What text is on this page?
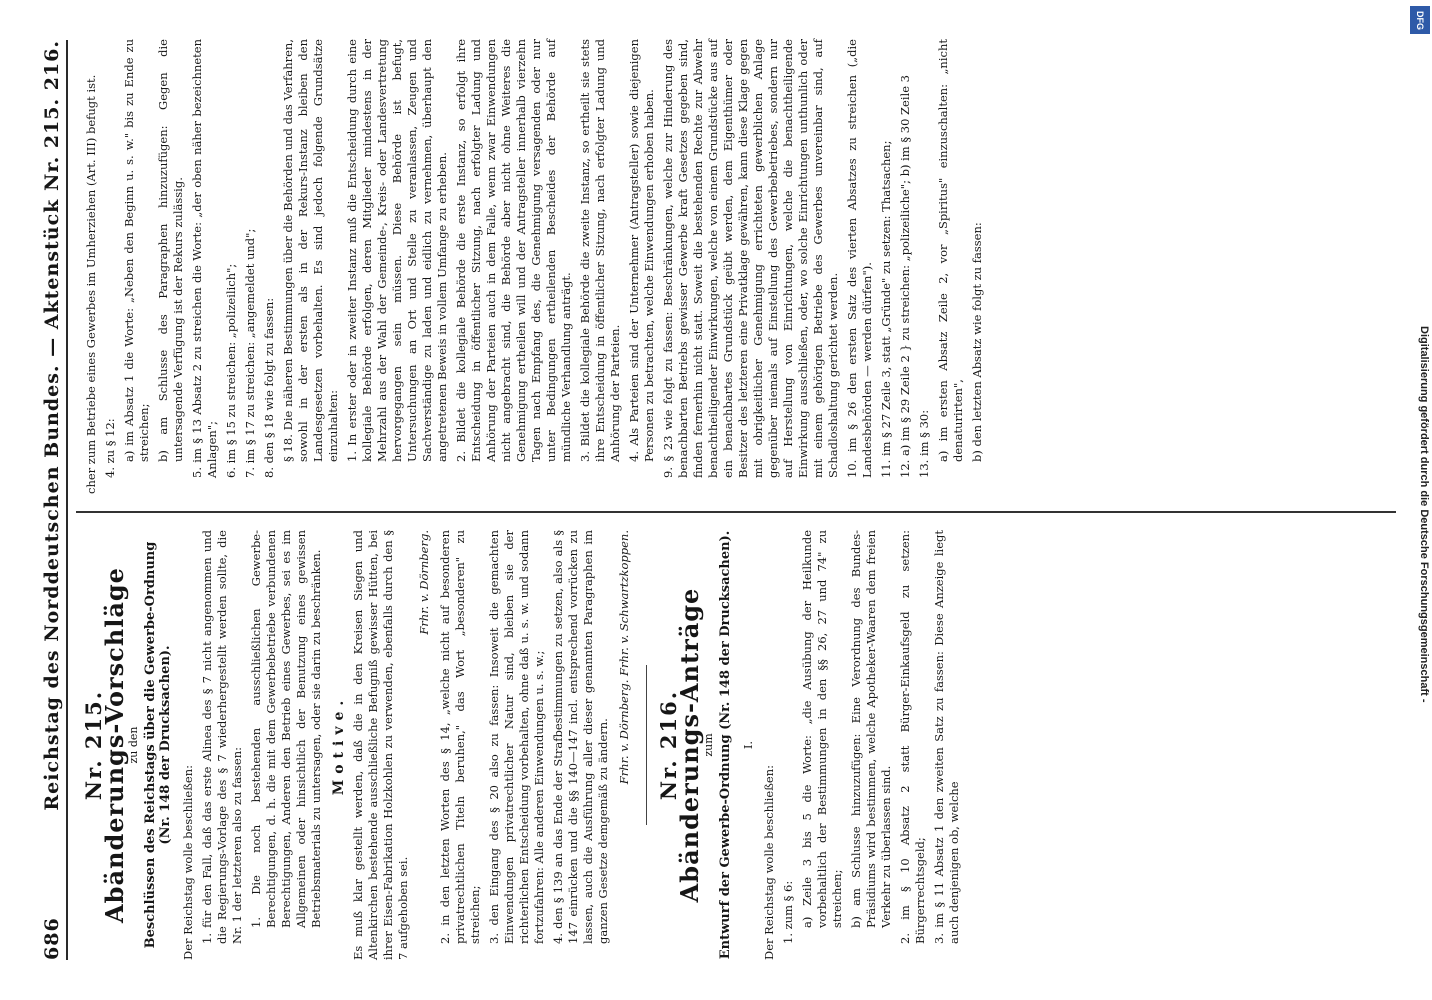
686
Reichstag des Norddeutschen Bundes. — Aktenstück Nr. 215. 216. Nr. 215.
Abänderungs-Vorschläge
zu den Beschlüssen des Reichstags über die Gewerbe-Ordnung (Nr. 148 der Drucksachen).
Der Reichstag wolle beschließen: 1. für den Fall, daß das erste Alinea des § 7 nicht angenommen und die Regierungs-Vorlage des § 7 wiederhergestellt werden sollte, die Nr. 1 der letzteren also zu fassen: 1. Die noch bestehenden ausschließlichen Gewerbe-Berechtigungen, d. h. die mit dem Gewerbebetriebe verbundenen Berechtigungen, Anderen den Betrieb eines Gewerbes, sei es im Allgemeinen oder hinsichtlich der Benutzung eines gewissen Betriebsmaterials zu untersagen, oder sie darin zu beschränken. Motive. Es muß klar gestellt werden, daß die in den Kreisen Siegen und Altenkirchen bestehende ausschließliche Befugniß gewisser Hütten, bei ihrer Eisen-Fabrikation Holzkohlen zu verwenden, ebenfalls durch den § 7 aufgehoben sei.
Frhr. v. Dörnberg. 2. in den letzten Worten des § 14, „welche nicht auf besonderen privatrechtlichen Titeln beruhen," das Wort „besonderen" zu streichen; 3. den Eingang des § 20 also zu fassen: Insoweit die gemachten Einwendungen privatrechtlicher Natur sind, bleiben sie der richterlichen Entscheidung vorbehalten, ohne daß u. s. w. und sodann fortzufahren: Alle anderen Einwendungen u. s. w.; 4. den § 139 an das Ende der Strafbestimmungen zu setzen, also als § 147 einrücken und die §§ 140—147 incl. entsprechend vorrücken zu lassen, auch die Ausführung aller dieser genannten Paragraphen im ganzen Gesetze demgemäß zu ändern.
Frhr. v. Dörnberg. Frhr. v. Schwartzkoppen. Nr. 216.
Abänderungs-Anträge
zum Entwurf der Gewerbe-Ordnung (Nr. 148 der Drucksachen). I.
Der Reichstag wolle beschließen: 1. zum § 6: a) Zeile 3 bis 5 die Worte: „die Ausübung der Heilkunde vorbehaltlich der Bestimmungen in den §§ 26, 27 und 74" zu streichen; b) am Schlusse hinzuzufügen: Eine Verordnung des Bundes-Präsidiums wird bestimmen, welche Apotheker-Waaren dem freien Verkehr zu überlassen sind. 2. im § 10 Absatz 2 statt Bürger-Einkaufsgeld zu setzen: Bürgerrechtsgeld; 3. im § 11 Absatz 1 den zweiten Satz zu fassen: Diese Anzeige liegt auch denjenigen ob, welche
cher zum Betriebe eines Gewerbes im Umherziehen (Art. III) befugt ist. 4. zu § 12: a) im Absatz 1 die Worte: „Neben den Beginn u. s. w." bis zu Ende zu streichen; b) am Schlusse des Paragraphen hinzuzufügen: Gegen die untersagende Verfügung ist der Rekurs zulässig. 5. im § 13 Absatz 2 zu streichen die Worte: „der oben näher bezeichneten Anlagen"; 6. im § 15 zu streichen: „polizeilich"; 7. im § 17 zu streichen: „angemeldet und"; 8. den § 18 wie folgt zu fassen: § 18. Die näheren Bestimmungen über die Behörden und das Verfahren, sowohl in der ersten als in der Rekurs-Instanz bleiben den Landesgesetzen vorbehalten. Es sind jedoch folgende Grundsätze einzuhalten: 1. In erster oder in zweiter Instanz muß die Entscheidung durch eine kollegiale Behörde erfolgen, deren Mitglieder mindestens in der Mehrzahl aus der Wahl der Gemeinde-, Kreis- oder Landesvertretung hervorgegangen sein müssen. Diese Behörde ist befugt, Untersuchungen an Ort und Stelle zu veranlassen, Zeugen und Sachverständige zu laden und eidlich zu vernehmen, überhaupt den angetretenen Beweis in vollem Umfange zu erheben. 2. Bildet die kollegiale Behörde die erste Instanz, so erfolgt ihre Entscheidung in öffentlicher Sitzung, nach erfolgter Ladung und Anhörung der Parteien auch in dem Falle, wenn zwar Einwendungen nicht angebracht sind, die Behörde aber nicht ohne Weiteres die Genehmigung ertheilen will und der Antragsteller innerhalb vierzehn Tagen nach Empfang des, die Genehmigung versagenden oder nur unter Bedingungen ertheilenden Bescheides der Behörde auf mündliche Verhandlung anträgt. 3. Bildet die kollegiale Behörde die zweite Instanz, so ertheilt sie stets ihre Entscheidung in öffentlicher Sitzung, nach erfolgter Ladung und Anhörung der Parteien. 4. Als Parteien sind der Unternehmer (Antragsteller) sowie diejenigen Personen zu betrachten, welche Einwendungen erhoben haben. 9. § 23 wie folgt zu fassen: Beschränkungen, welche zur Hinderung des benachbarten Betriebs gewisser Gewerbe kraft Gesetzes gegeben sind, finden fernerhin nicht statt. Soweit die bestehenden Rechte zur Abwehr benachtheiligender Einwirkungen, welche von einem Grundstücke aus auf ein benachbartes Grundstück geübt werden, dem Eigenthümer oder Besitzer des letzteren eine Privatklage gewähren, kann diese Klage gegen mit obrigkeitlicher Genehmigung errichteten gewerblichen Anlage gegenüber niemals auf Einstellung des Gewerbebetriebes, sondern nur auf Herstellung von Einrichtungen, welche die benachtheiligende Einwirkung ausschließen, oder, wo solche Einrichtungen unthunlich oder mit einem gehörigen Betriebe des Gewerbes unvereinbar sind, auf Schadloshaltung gerichtet werden. 10. im § 26 den ersten Satz des vierten Absatzes zu streichen („die Landesbehörden — werden dürfen"). 11. im § 27 Zeile 3, statt „Gründe" zu setzen: Thatsachen; 12. a) im § 29 Zeile 2 } zu streichen: „polizeiliche"; b) im § 30 Zeile 3 13. im § 30: a) im ersten Absatz Zeile 2, vor „Spiritus" einzuschalten: „nicht denaturirten", b) den letzten Absatz wie folgt zu fassen:
DFG
Digitalisierung gefördert durch die Deutsche Forschungsgemeinschaft -
